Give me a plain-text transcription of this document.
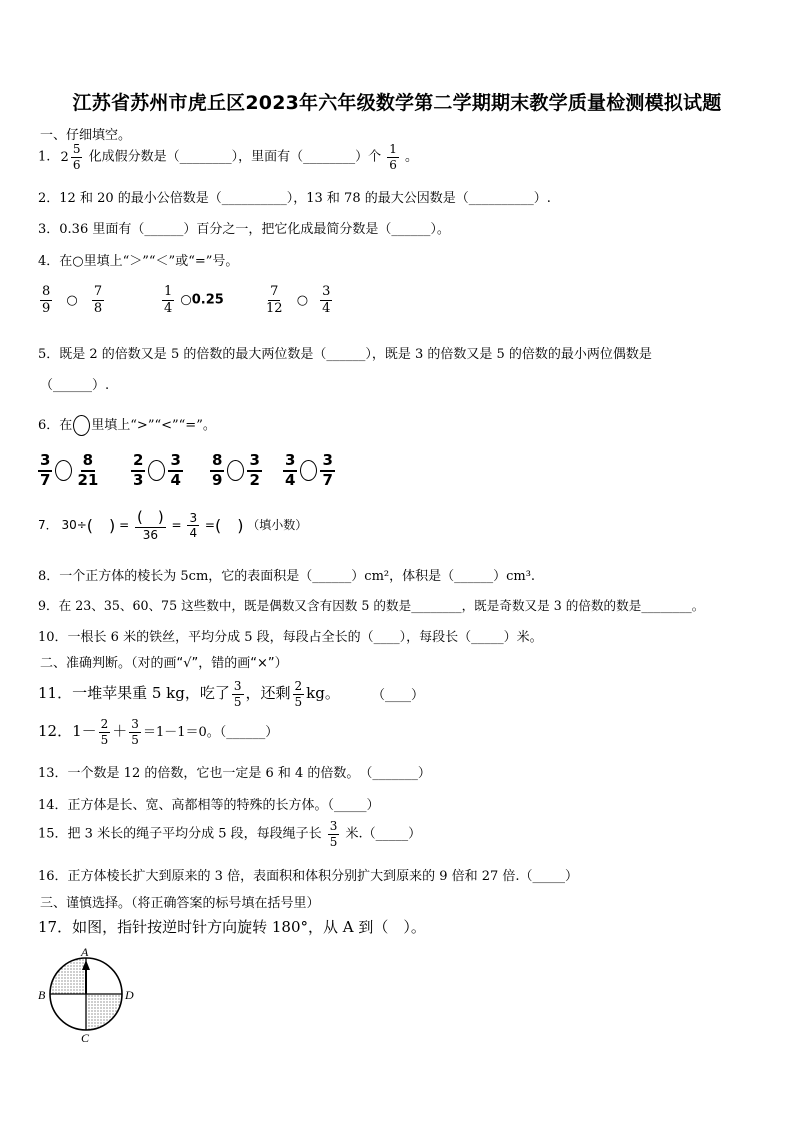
江苏省苏州市虎丘区2023年六年级数学第二学期期末教学质量检测模拟试题
一、仔细填空。
1. $2 \frac{5}{6}$ 化成假分数是（________），里面有（________）个 $\frac{1}{6}$ 。
2．12 和 20 的最小公倍数是（__________），13 和 78 的最大公因数是（__________）.
3．0.36 里面有（______）百分之一，把它化成最简分数是（______）。
4．在○里填上“＞”“＜”或“=”号。
$\frac{8}{9}$ ○ $\frac{7}{8}$	$\frac{1}{4}$ ○0.25	$\frac{7}{12}$ ○ $\frac{3}{4}$
5．既是 2 的倍数又是 5 的倍数的最大两位数是（______），既是 3 的倍数又是 5 的倍数的最小两位偶数是
（______）.
6．在 里填上“>”“<”“=”。
$\frac{3}{7} \frac{8}{21} \frac{2}{3} \frac{3}{4} \frac{8}{9} \frac{3}{2} \frac{3}{4} \frac{3}{7}$
7． 30÷( ) = ( )
36
= $\frac{3}{4}$ =( ) （填小数）
8．一个正方体的棱长为 5cm，它的表面积是（______）cm²，体积是（______）cm³.
9．在 23、35、60、75 这些数中，既是偶数又含有因数 5 的数是________，既是奇数又是 3 的倍数的数是________。
10．一根长 6 米的铁丝，平均分成 5 段，每段占全长的（____），每段长（_____）米。
二、准确判断。（对的画“√”，错的画“×”）
11．一堆苹果重 5 kg，吃了 $\frac{3}{5}$ ，还剩 $\frac{2}{5}$ kg。 （____）
12．$1- \frac{2}{5} + \frac{3}{5} =1-1=0$。（______）
13．一个数是 12 的倍数，它也一定是 6 和 4 的倍数。　（_______）
14．正方体是长、宽、高都相等的特殊的长方体。（_____）
15．把 3 米长的绳子平均分成 5 段，每段绳子长 $\frac{3}{5}$ 米.（_____）
16．正方体棱长扩大到原来的 3 倍，表面积和体积分别扩大到原来的 9 倍和 27 倍.（_____）
三、谨慎选择。（将正确答案的标号填在括号里）
17．如图，指针按逆时针方向旋转 180°，从 A 到（　）。
A
B	D
C
